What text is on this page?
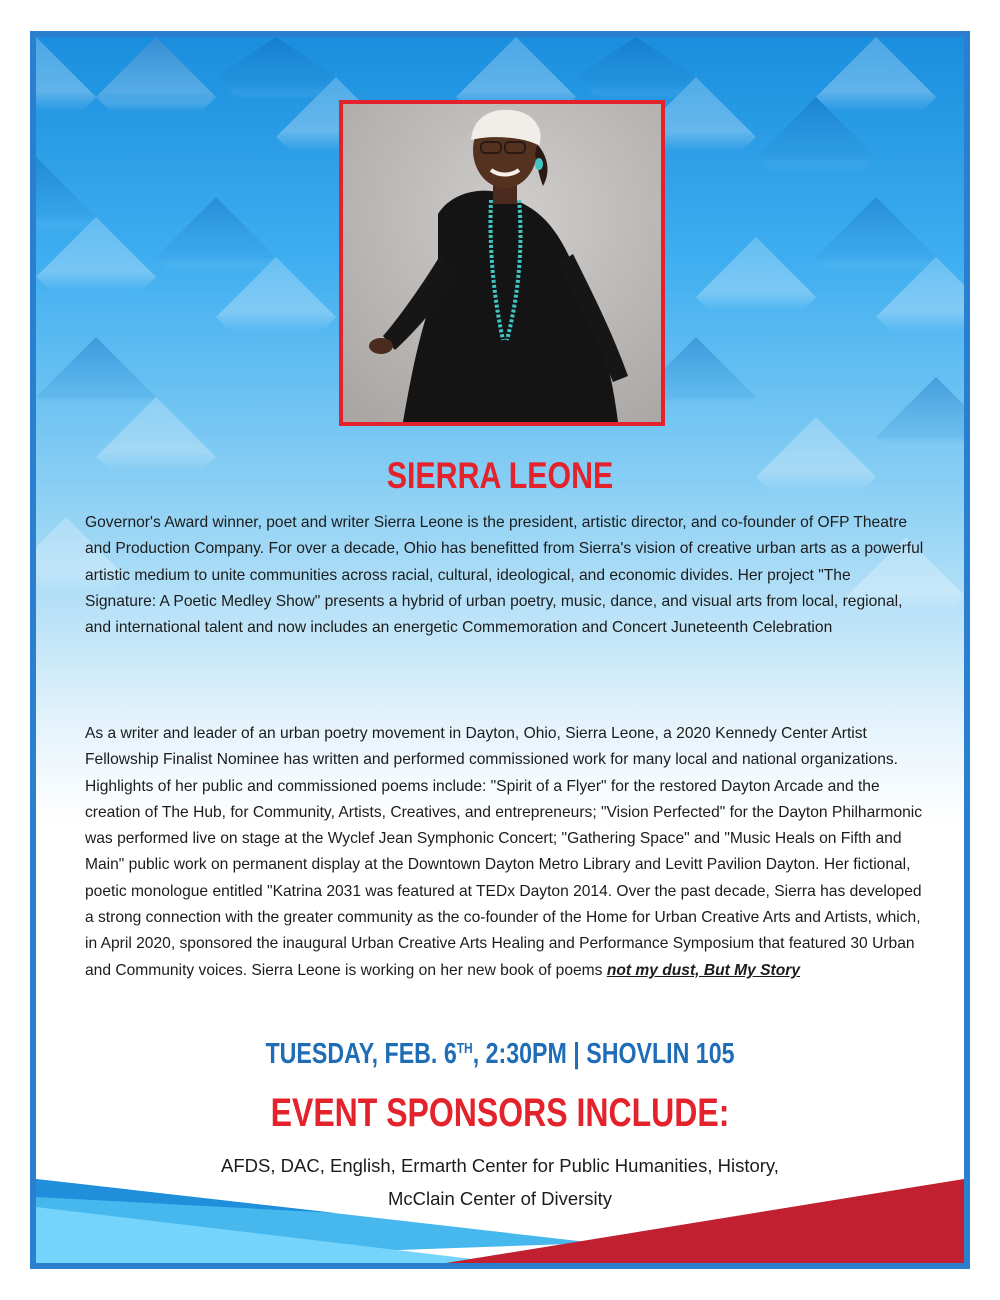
SIERRA LEONE

Governor's Award winner, poet and writer Sierra Leone is the president, artistic director, and co-founder of OFP Theatre and Production Company. For over a decade, Ohio has benefitted from Sierra's vision of creative urban arts as a powerful artistic medium to unite communities across racial, cultural, ideological, and economic divides. Her project "The Signature: A Poetic Medley Show" presents a hybrid of urban poetry, music, dance, and visual arts from local, regional, and international talent and now includes an energetic Commemoration and Concert Juneteenth Celebration

As a writer and leader of an urban poetry movement in Dayton, Ohio, Sierra Leone, a 2020 Kennedy Center Artist Fellowship Finalist Nominee has written and performed commissioned work for many local and national organizations. Highlights of her public and commissioned poems include: "Spirit of a Flyer" for the restored Dayton Arcade and the creation of The Hub, for Community, Artists, Creatives, and entrepreneurs; "Vision Perfected" for the Dayton Philharmonic was performed live on stage at the Wyclef Jean Symphonic Concert; "Gathering Space" and "Music Heals on Fifth and Main" public work on permanent display at the Downtown Dayton Metro Library and Levitt Pavilion Dayton. Her fictional, poetic monologue entitled "Katrina 2031 was featured at TEDx Dayton 2014. Over the past decade, Sierra has developed a strong connection with the greater community as the co-founder of the Home for Urban Creative Arts and Artists, which, in April 2020, sponsored the inaugural Urban Creative Arts Healing and Performance Symposium that featured 30 Urban and Community voices. Sierra Leone is working on her new book of poems not my dust, But My Story

TUESDAY, FEB. 6TH, 2:30PM | SHOVLIN 105
EVENT SPONSORS INCLUDE:
AFDS, DAC, English, Ermarth Center for Public Humanities, History,
McClain Center of Diversity
